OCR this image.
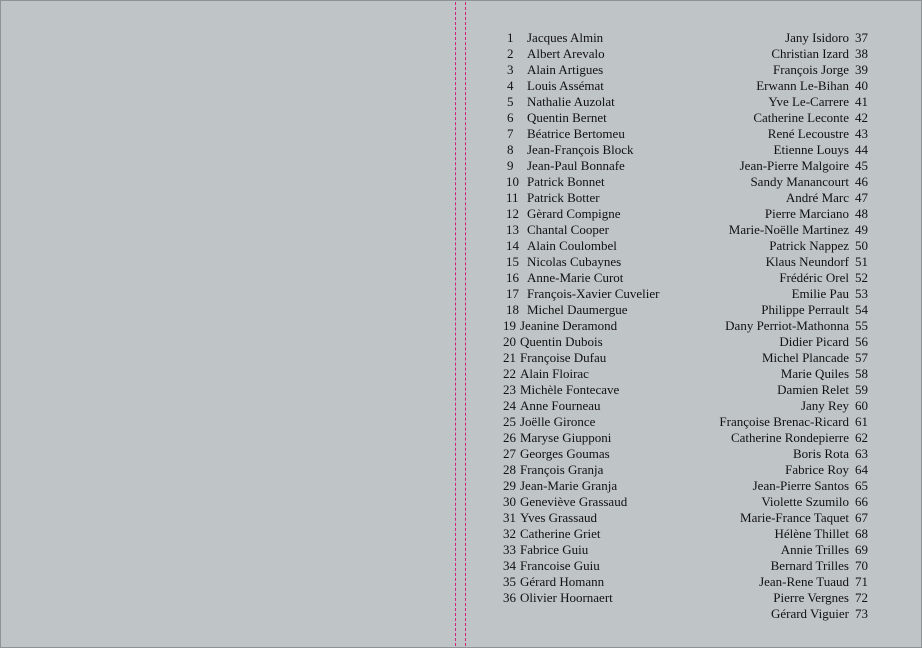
1 Jacques Almin
2 Albert Arevalo
3 Alain Artigues
4 Louis Assémat
5 Nathalie Auzolat
6 Quentin Bernet
7 Béatrice Bertomeu
8 Jean-François Block
9 Jean-Paul Bonnafe
10 Patrick Bonnet
11 Patrick Botter
12 Gèrard Compigne
13 Chantal Cooper
14 Alain Coulombel
15 Nicolas Cubaynes
16 Anne-Marie Curot
17 François-Xavier Cuvelier
18 Michel Daumergue
19 Jeanine Deramond
20 Quentin Dubois
21 Françoise Dufau
22 Alain Floirac
23 Michèle Fontecave
24 Anne Fourneau
25 Joëlle Gironce
26 Maryse Giupponi
27 Georges Goumas
28 François Granja
29 Jean-Marie Granja
30 Geneviève Grassaud
31 Yves Grassaud
32 Catherine Griet
33 Fabrice Guiu
34 Francoise Guiu
35 Gérard Homann
36 Olivier Hoornaert
Jany Isidoro 37
Christian Izard 38
François Jorge 39
Erwann Le-Bihan 40
Yve Le-Carrere 41
Catherine Leconte 42
René Lecoustre 43
Etienne Louys 44
Jean-Pierre Malgoire 45
Sandy Manancourt 46
André Marc 47
Pierre Marciano 48
Marie-Noëlle Martinez 49
Patrick Nappez 50
Klaus Neundorf 51
Frédéric Orel 52
Emilie Pau 53
Philippe Perrault 54
Dany Perriot-Mathonna 55
Didier Picard 56
Michel Plancade 57
Marie Quiles 58
Damien Relet 59
Jany Rey 60
Françoise Brenac-Ricard 61
Catherine Rondepierre 62
Boris Rota 63
Fabrice Roy 64
Jean-Pierre Santos 65
Violette Szumilo 66
Marie-France Taquet 67
Hélène Thillet 68
Annie Trilles 69
Bernard Trilles 70
Jean-Rene Tuaud 71
Pierre Vergnes 72
Gérard Viguier 73
